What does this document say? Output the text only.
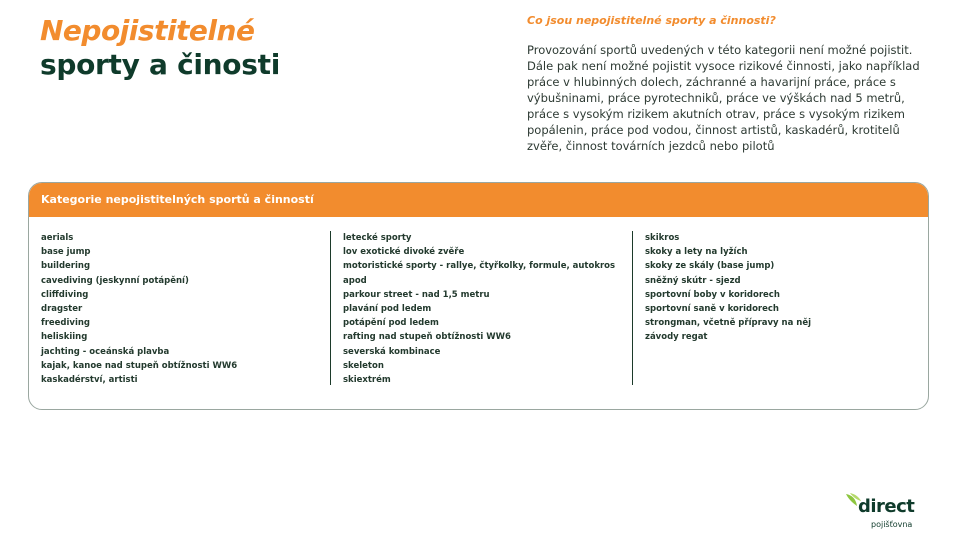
Nepojistitelné
sporty a činosti
Co jsou nepojistitelné sporty a činnosti?
Provozování sportů uvedených v této kategorii není možné pojistit. Dále pak není možné pojistit vysoce rizikové činnosti, jako například práce v hlubinných dolech, záchranné a havarijní práce, práce s výbušninami, práce pyrotechniků, práce ve výškách nad 5 metrů, práce s vysokým rizikem akutních otrav, práce s vysokým rizikem popálenin, práce pod vodou, činnost artistů, kaskadérů, krotitelů zvěře, činnost továrních jezdců nebo pilotů
Kategorie nepojistitelných sportů a činností
aerials
base jump
buildering
cavediving (jeskynní potápění)
cliffdiving
dragster
freediving
heliskiing
jachting - oceánská plavba
kajak, kanoe nad stupeň obtížnosti WW6
kaskadérství, artisti
letecké sporty
lov exotické divoké zvěře
motoristické sporty - rallye, čtyřkolky, formule, autokros
apod
parkour street - nad 1,5 metru
plavání pod ledem
potápění pod ledem
rafting nad stupeň obtížnosti WW6
severská kombinace
skeleton
skiextrém
skikros
skoky a lety na lyžích
skoky ze skály (base jump)
sněžný skútr - sjezd
sportovní boby v koridorech
sportovní saně v koridorech
strongman, včetně přípravy na něj
závody regat
direct
pojišťovna
